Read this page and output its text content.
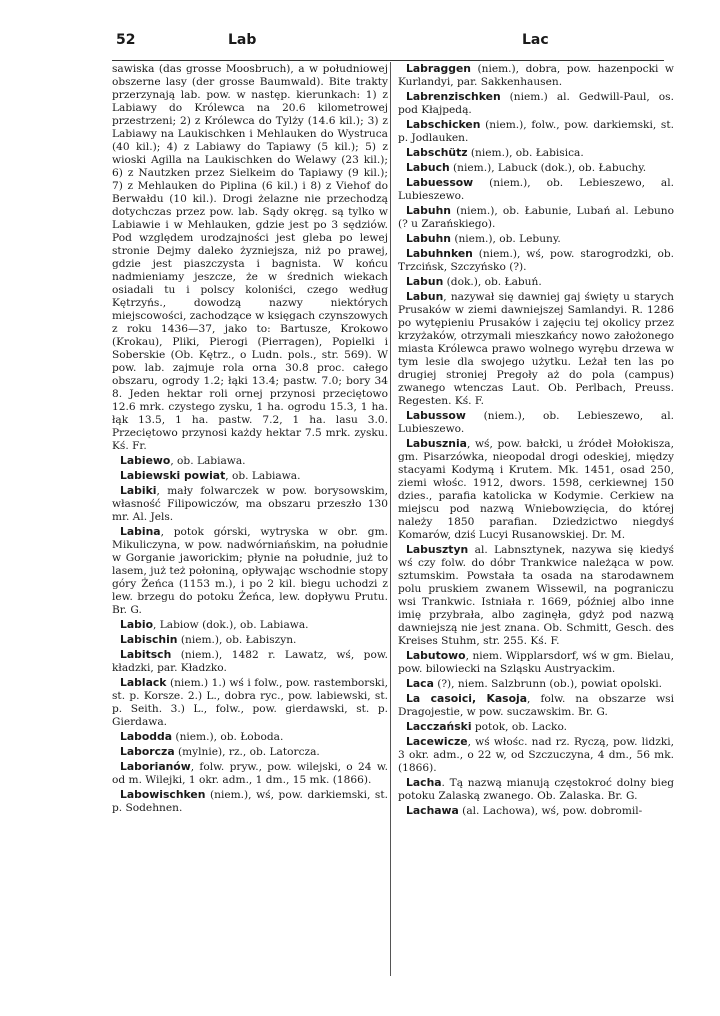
52	Lab	Lac

sawiska (das grosse Moosbruch), a w południowej obszerne lasy (der grosse Baumwald). Bite trakty przerzynają lab. pow. w następ. kierunkach: 1) z Labiawy do Królewca na 20.6 kilometrowej przestrzeni; 2) z Królewca do Tylży (14.6 kil.); 3) z Labiawy na Laukischken i Mehlauken do Wystruca (40 kil.); 4) z Labiawy do Tapiawy (5 kil.); 5) z wioski Agilla na Laukischken do Welawy (23 kil.); 6) z Nautzken przez Sielkeim do Tapiawy (9 kil.); 7) z Mehlauken do Piplina (6 kil.) i 8) z Viehof do Berwałdu (10 kil.). Drogi żelazne nie przechodzą dotychczas przez pow. lab. Sądy okręg. są tylko w Labiawie i w Mehlauken, gdzie jest po 3 sędziów. Pod względem urodzajności jest gleba po lewej stronie Dejmy daleko żyzniejsza, niż po prawej, gdzie jest piaszczysta i bagnista. W końcu nadmieniamy jeszcze, że w średnich wiekach osiadali tu i polscy koloniści, czego według Kętrzyńs., dowodzą nazwy niektórych miejscowości, zachodzące w księgach czynszowych z roku 1436—37, jako to: Bartusze, Krokowo (Krokau), Pliki, Pierogi (Pierragen), Popielki i Soberskie (Ob. Kętrz., o Ludn. pols., str. 569). W pow. lab. zajmuje rola orna 30.8 proc. całego obszaru, ogrody 1.2; łąki 13.4; pastw. 7.0; bory 34 8. Jeden hektar roli ornej przynosi przeciętowo 12.6 mrk. czystego zysku, 1 ha. ogrodu 15.3, 1 ha. łąk 13.5, 1 ha. pastw. 7.2, 1 ha. lasu 3.0. Przeciętowo przynosi każdy hektar 7.5 mrk. zysku. Kś. Fr.

Labiewo, ob. Labiawa.

Labiewski powiat, ob. Labiawa.

Labiki, mały folwarczek w pow. borysowskim, własność Filipowiczów, ma obszaru przeszło 130 mr. Al. Jels.

Labina, potok górski, wytryska w obr. gm. Mikuliczyna, w pow. nadwórniańskim, na południe w Gorganie jaworickim; płynie na południe, już to lasem, już też połoniną, opływając wschodnie stopy góry Żeńca (1153 m.), i po 2 kil. biegu uchodzi z lew. brzegu do potoku Żeńca, lew. dopływu Prutu. Br. G.

Labio, Labiow (dok.), ob. Labiawa.

Labischin (niem.), ob. Łabiszyn.

Labitsch (niem.), 1482 r. Lawatz, wś, pow. kładzki, par. Kładzko.

Lablack (niem.) 1.) wś i folw., pow. rastemborski, st. p. Korsze. 2.) L., dobra ryc., pow. labiewski, st. p. Seith. 3.) L., folw., pow. gierdawski, st. p. Gierdawa.

Labodda (niem.), ob. Łoboda.

Laborcza (mylnie), rz., ob. Latorcza.

Laborianów, folw. pryw., pow. wilejski, o 24 w. od m. Wilejki, 1 okr. adm., 1 dm., 15 mk. (1866).

Labowischken (niem.), wś, pow. darkiemski, st. p. Sodehnen.

Labraggen (niem.), dobra, pow. hazenpocki w Kurlandyi, par. Sakkenhausen.

Labrenzischken (niem.) al. Gedwill-Paul, os. pod Kłajpedą.

Labschicken (niem.), folw., pow. darkiemski, st. p. Jodlauken.

Labschütz (niem.), ob. Łabisica.

Labuch (niem.), Labuck (dok.), ob. Łabuchy.

Labuessow (niem.), ob. Lebieszewo, al. Lubieszewo.

Labuhn (niem.), ob. Łabunie, Lubań al. Lebuno (? u Zarańskiego).

Labuhn (niem.), ob. Lebuny.

Labuhnken (niem.), wś, pow. starogrodzki, ob. Trzcińsk, Szczyńsko (?).

Labun (dok.), ob. Łabuń.

Labun, nazywał się dawniej gaj święty u starych Prusaków w ziemi dawniejszej Samlandyi. R. 1286 po wytępieniu Prusaków i zajęciu tej okolicy przez krzyżaków, otrzymali mieszkańcy nowo założonego miasta Królewca prawo wolnego wyrębu drzewa w tym lesie dla swojego użytku. Leżał ten las po drugiej stroniej Pregoły aż do pola (campus) zwanego wtenczas Laut. Ob. Perlbach, Preuss. Regesten. Kś. F.

Labussow (niem.), ob. Lebieszewo, al. Lubieszewo.

Labusznia, wś, pow. bałcki, u źródeł Mołokisza, gm. Pisarzówka, nieopodal drogi odeskiej, między stacyami Kodymą i Krutem. Mk. 1451, osad 250, ziemi włośc. 1912, dwors. 1598, cerkiewnej 150 dzies., parafia katolicka w Kodymie. Cerkiew na miejscu pod nazwą Wniebowzięcia, do której należy 1850 parafian. Dziedzictwo niegdyś Komarów, dziś Lucyi Rusanowskiej. Dr. M.

Labusztyn al. Labnsztynek, nazywa się kiedyś wś czy folw. do dóbr Trankwice należąca w pow. sztumskim. Powstała ta osada na starodawnem polu pruskiem zwanem Wissewil, na pograniczu wsi Trankwic. Istniała r. 1669, później albo inne imię przybrała, albo zaginęła, gdyż pod nazwą dawniejszą nie jest znana. Ob. Schmitt, Gesch. des Kreises Stuhm, str. 255. Kś. F.

Labutowo, niem. Wipplarsdorf, wś w gm. Bielau, pow. bilowiecki na Szląsku Austryackim.

Laca (?), niem. Salzbrunn (ob.), powiat opolski.

La casoici, Kasoja, folw. na obszarze wsi Dragojestie, w pow. suczawskim. Br. G.

Lacczański potok, ob. Lacko.

Lacewicze, wś włośc. nad rz. Ryczą, pow. lidzki, 3 okr. adm., o 22 w, od Szczuczyna, 4 dm., 56 mk. (1866).

Lacha. Tą nazwą mianują częstokroć dolny bieg potoku Zalaską zwanego. Ob. Zalaska. Br. G.

Lachawa (al. Lachowa), wś, pow. dobromil-
